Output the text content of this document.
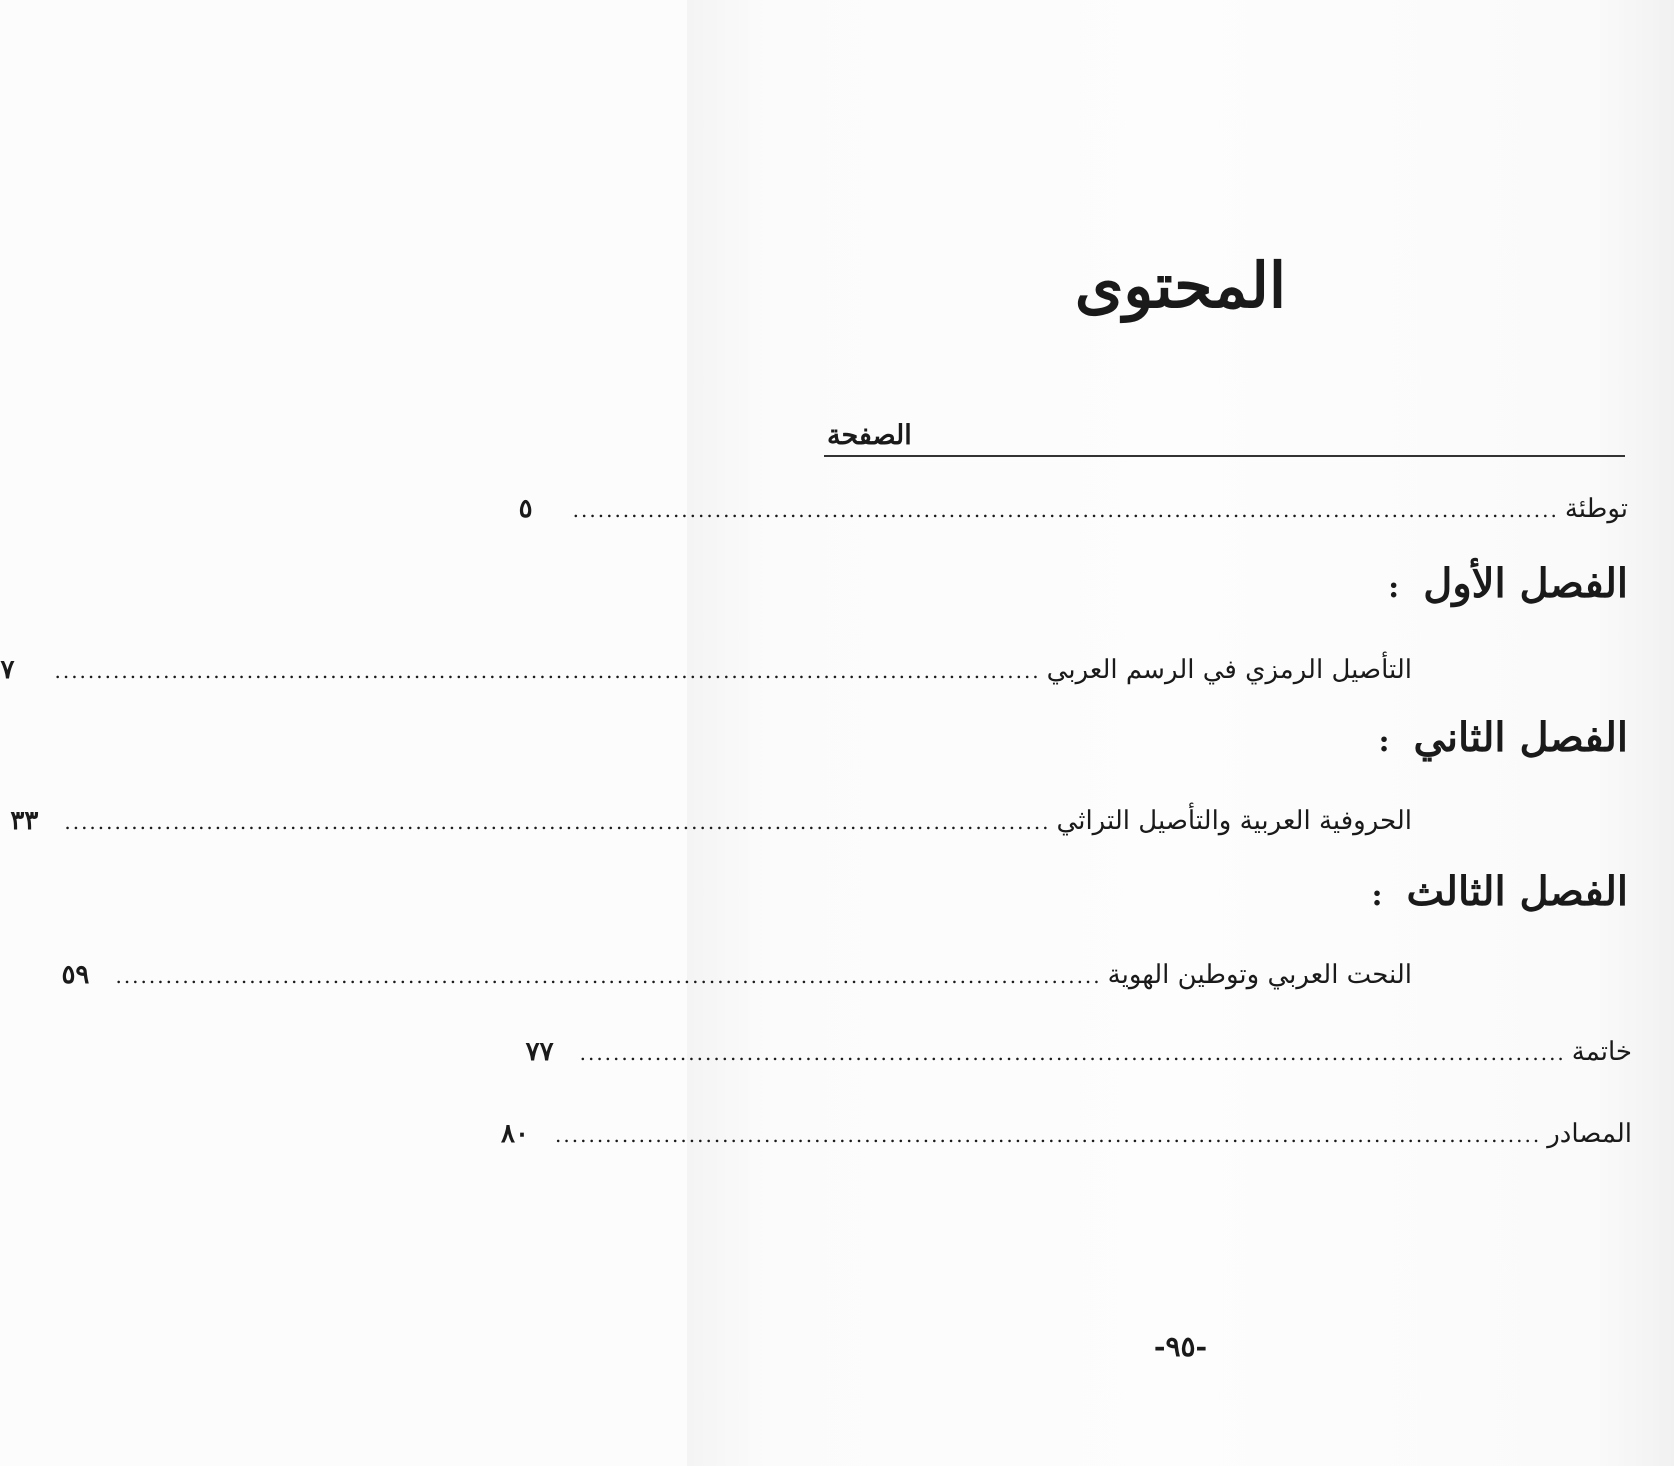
المحتوى
الصفحة
توطئة
......................................................................................................................
٥
الفصل الأول:
التأصيل الرمزي في الرسم العربي
......................................................................................................................
٧
الفصل الثاني:
الحروفية العربية والتأصيل التراثي
......................................................................................................................
٣٣
الفصل الثالث:
النحت العربي وتوطين الهوية
......................................................................................................................
٥٩
خاتمة
......................................................................................................................
٧٧
المصادر
......................................................................................................................
٨٠
-٩٥-
